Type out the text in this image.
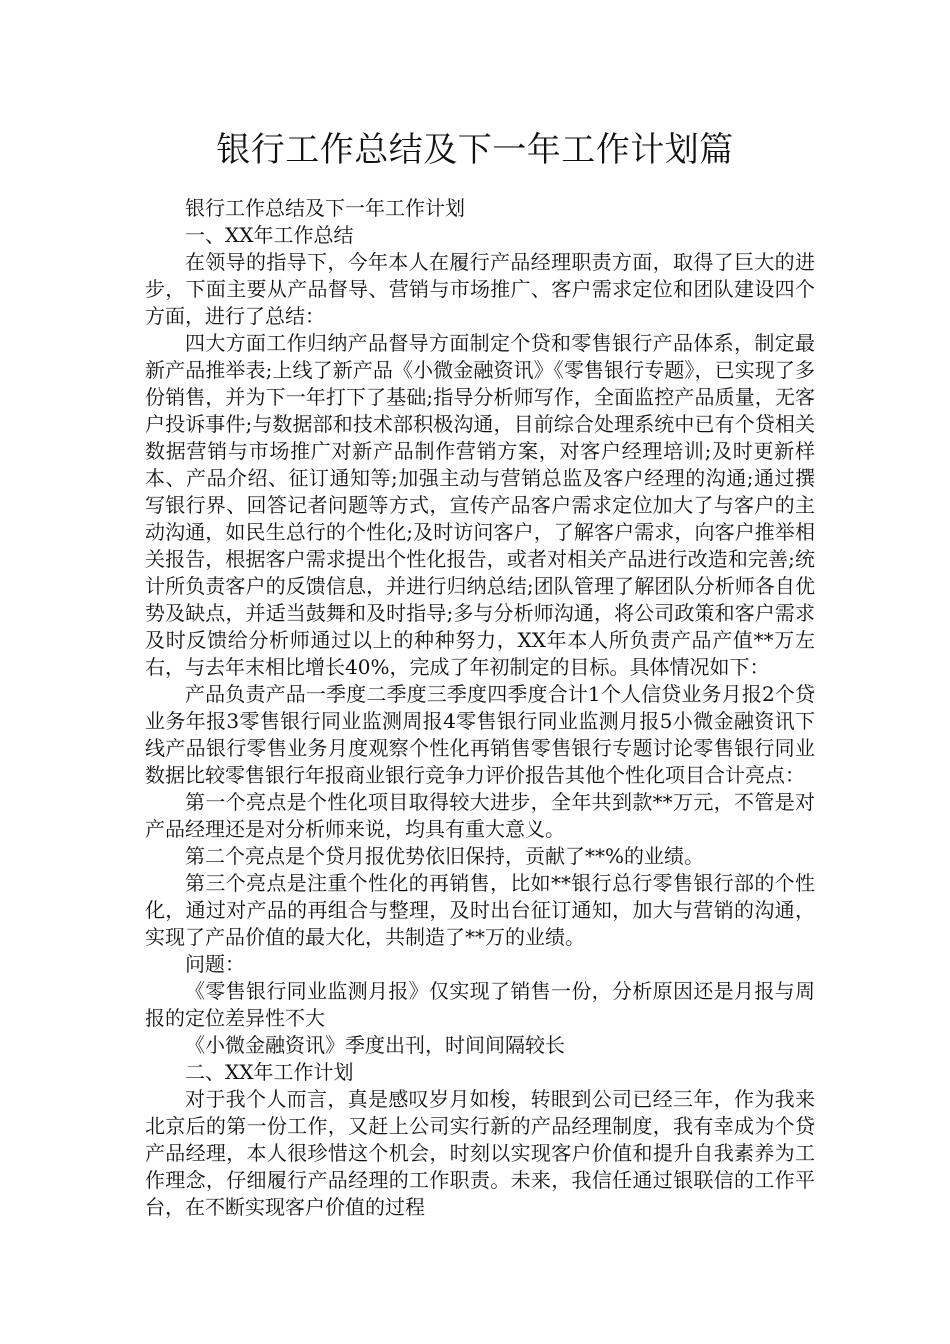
银行工作总结及下一年工作计划篇

银行工作总结及下一年工作计划

一、XX年工作总结

在领导的指导下，今年本人在履行产品经理职责方面，取得了巨大的进步，下面主要从产品督导、营销与市场推广、客户需求定位和团队建设四个方面，进行了总结：

四大方面工作归纳产品督导方面制定个贷和零售银行产品体系，制定最新产品推举表;上线了新产品《小微金融资讯》《零售银行专题》，已实现了多份销售，并为下一年打下了基础;指导分析师写作，全面监控产品质量，无客户投诉事件;与数据部和技术部积极沟通，目前综合处理系统中已有个贷相关数据营销与市场推广对新产品制作营销方案，对客户经理培训;及时更新样本、产品介绍、征订通知等;加强主动与营销总监及客户经理的沟通;通过撰写银行界、回答记者问题等方式，宣传产品客户需求定位加大了与客户的主动沟通，如民生总行的个性化;及时访问客户，了解客户需求，向客户推举相关报告，根据客户需求提出个性化报告，或者对相关产品进行改造和完善;统计所负责客户的反馈信息，并进行归纳总结;团队管理了解团队分析师各自优势及缺点，并适当鼓舞和及时指导;多与分析师沟通，将公司政策和客户需求及时反馈给分析师通过以上的种种努力，XX年本人所负责产品产值**万左右，与去年末相比增长40%，完成了年初制定的目标。具体情况如下：

产品负责产品一季度二季度三季度四季度合计1个人信贷业务月报2个贷业务年报3零售银行同业监测周报4零售银行同业监测月报5小微金融资讯下线产品银行零售业务月度观察个性化再销售零售银行专题讨论零售银行同业数据比较零售银行年报商业银行竞争力评价报告其他个性化项目合计亮点：

第一个亮点是个性化项目取得较大进步，全年共到款**万元，不管是对产品经理还是对分析师来说，均具有重大意义。

第二个亮点是个贷月报优势依旧保持，贡献了**%的业绩。

第三个亮点是注重个性化的再销售，比如**银行总行零售银行部的个性化，通过对产品的再组合与整理，及时出台征订通知，加大与营销的沟通，实现了产品价值的最大化，共制造了**万的业绩。

问题：

《零售银行同业监测月报》仅实现了销售一份，分析原因还是月报与周报的定位差异性不大

《小微金融资讯》季度出刊，时间间隔较长

二、XX年工作计划

对于我个人而言，真是感叹岁月如梭，转眼到公司已经三年，作为我来北京后的第一份工作，又赶上公司实行新的产品经理制度，我有幸成为个贷产品经理，本人很珍惜这个机会，时刻以实现客户价值和提升自我素养为工作理念，仔细履行产品经理的工作职责。未来，我信任通过银联信的工作平台，在不断实现客户价值的过程
